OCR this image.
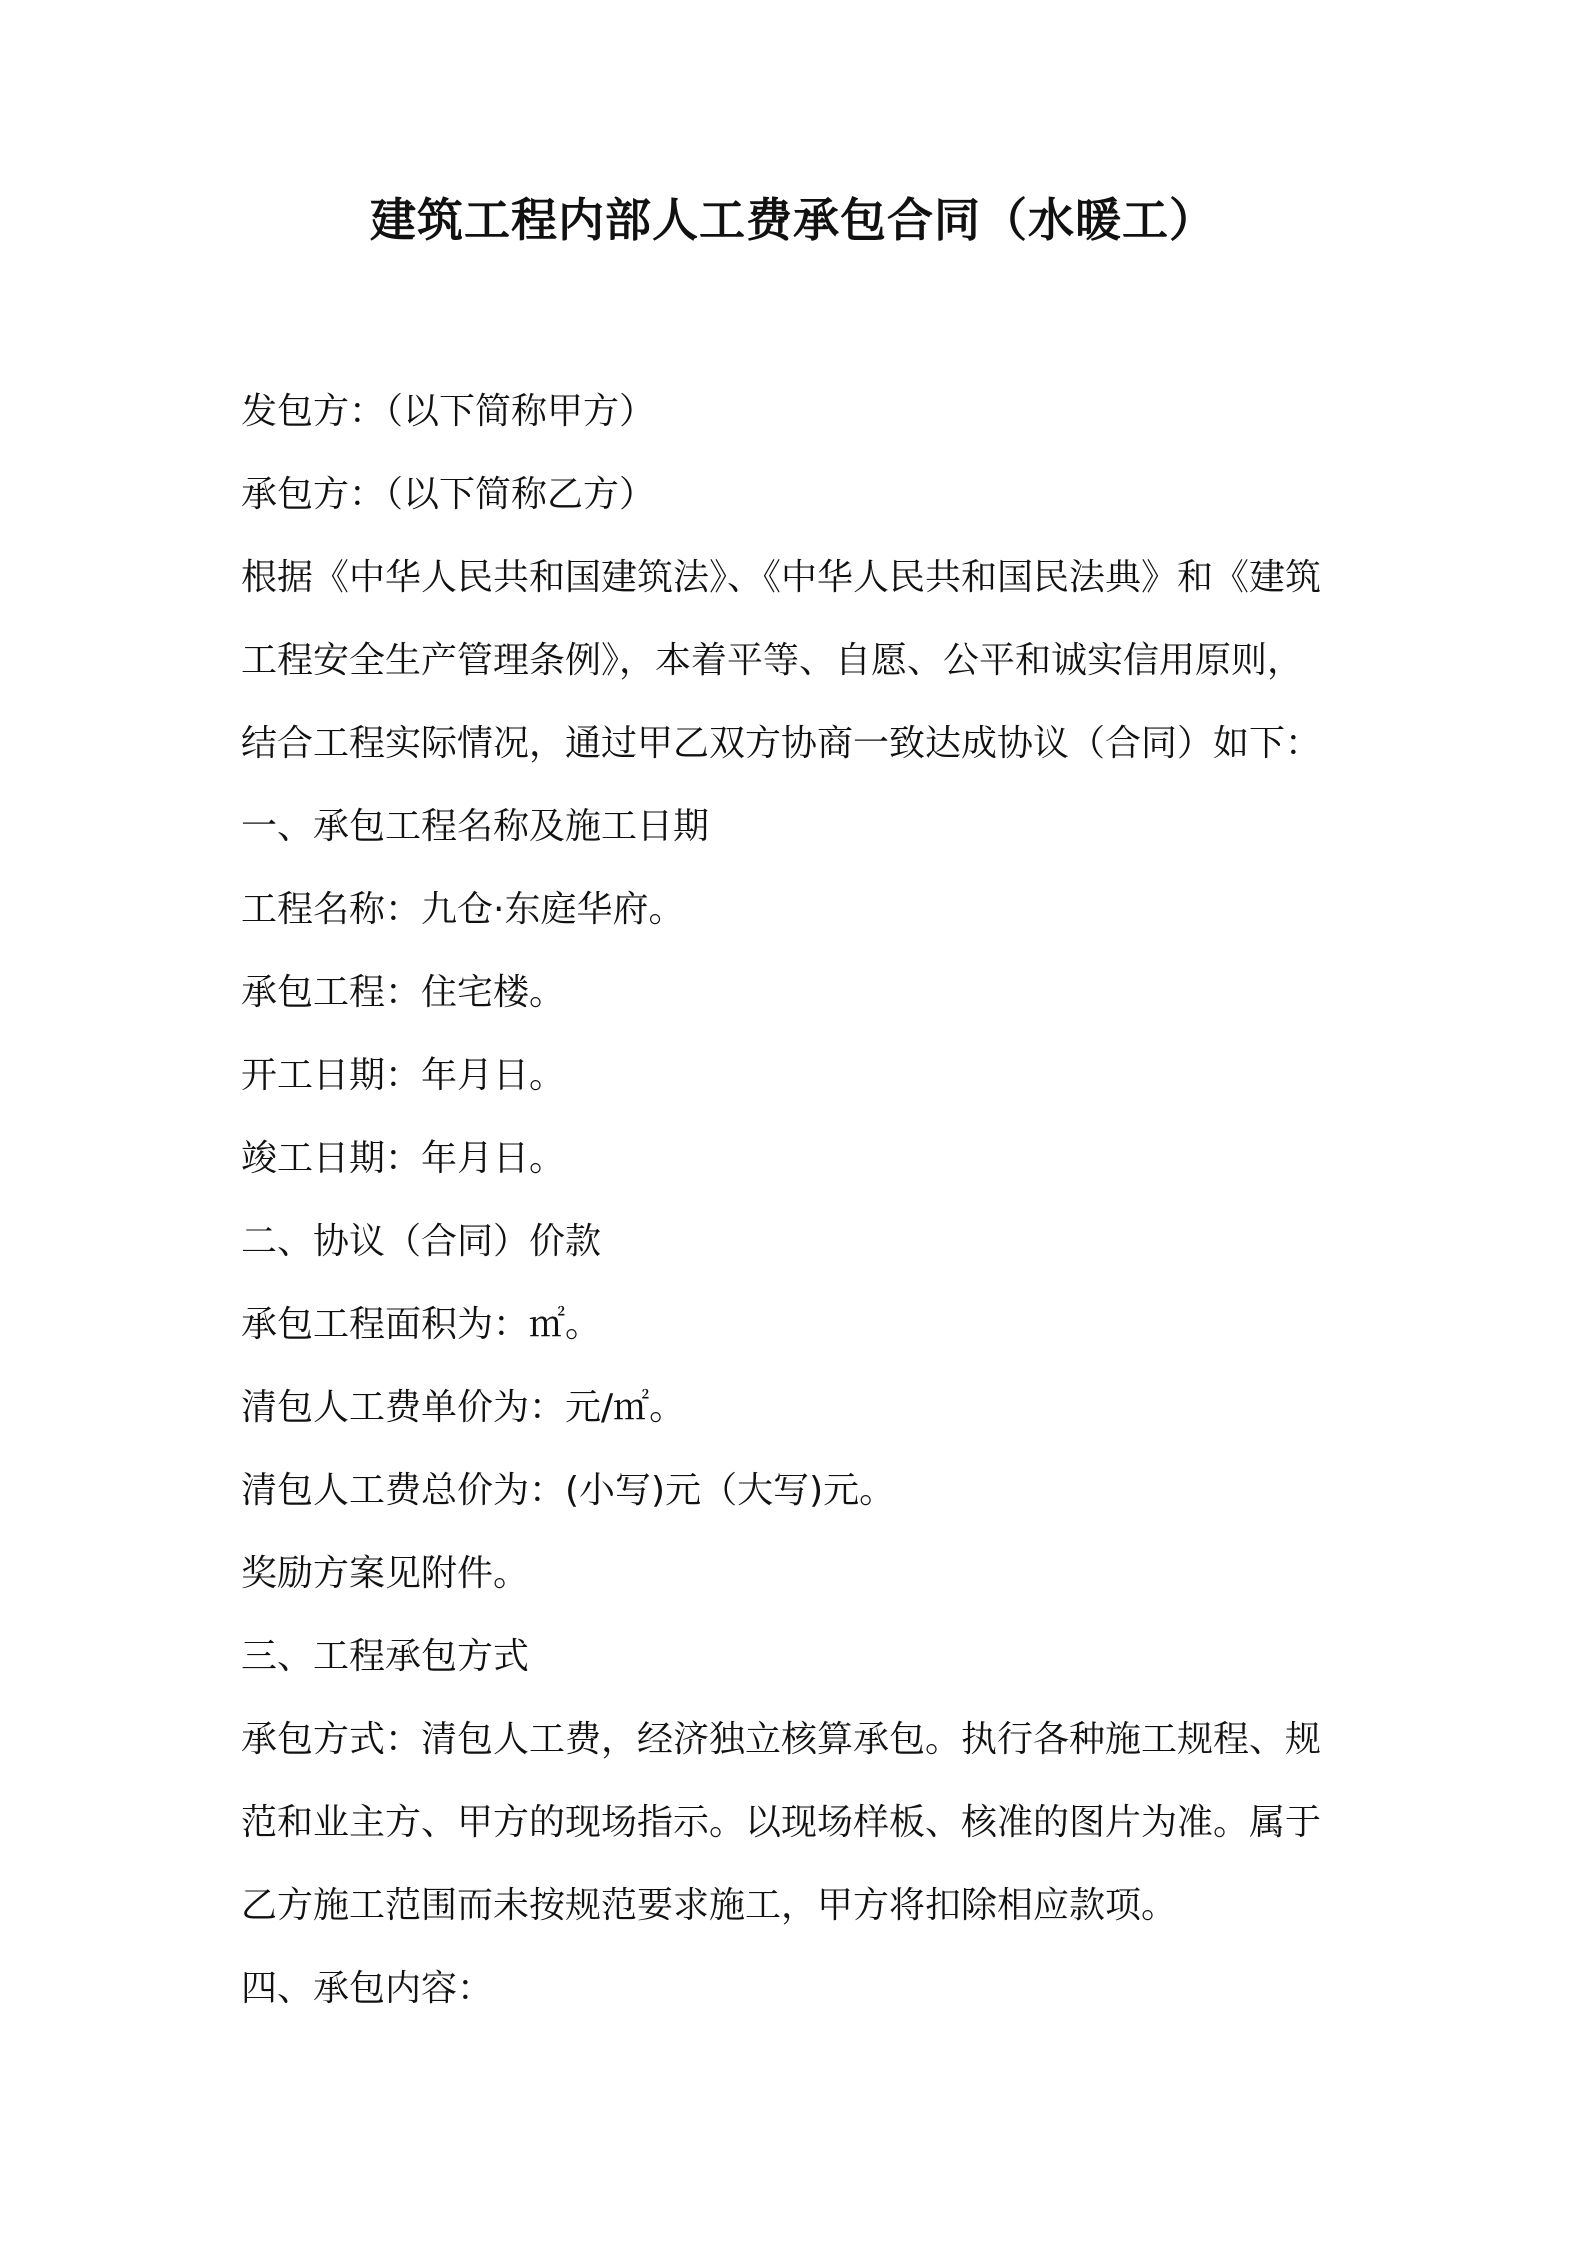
建筑工程内部人工费承包合同（水暖工）
发包方：（以下简称甲方）
承包方：（以下简称乙方）
根据《中华人民共和国建筑法》、《中华人民共和国民法典》和《建筑
工程安全生产管理条例》，本着平等、自愿、公平和诚实信用原则，
结合工程实际情况，通过甲乙双方协商一致达成协议（合同）如下：
一、承包工程名称及施工日期
工程名称：九仓·东庭华府。
承包工程：住宅楼。
开工日期：年月日。
竣工日期：年月日。
二、协议（合同）价款
承包工程面积为：㎡。
清包人工费单价为：元/㎡。
清包人工费总价为：(小写)元（大写)元。
奖励方案见附件。
三、工程承包方式
承包方式：清包人工费，经济独立核算承包。执行各种施工规程、规
范和业主方、甲方的现场指示。以现场样板、核准的图片为准。属于
乙方施工范围而未按规范要求施工，甲方将扣除相应款项。
四、承包内容：
